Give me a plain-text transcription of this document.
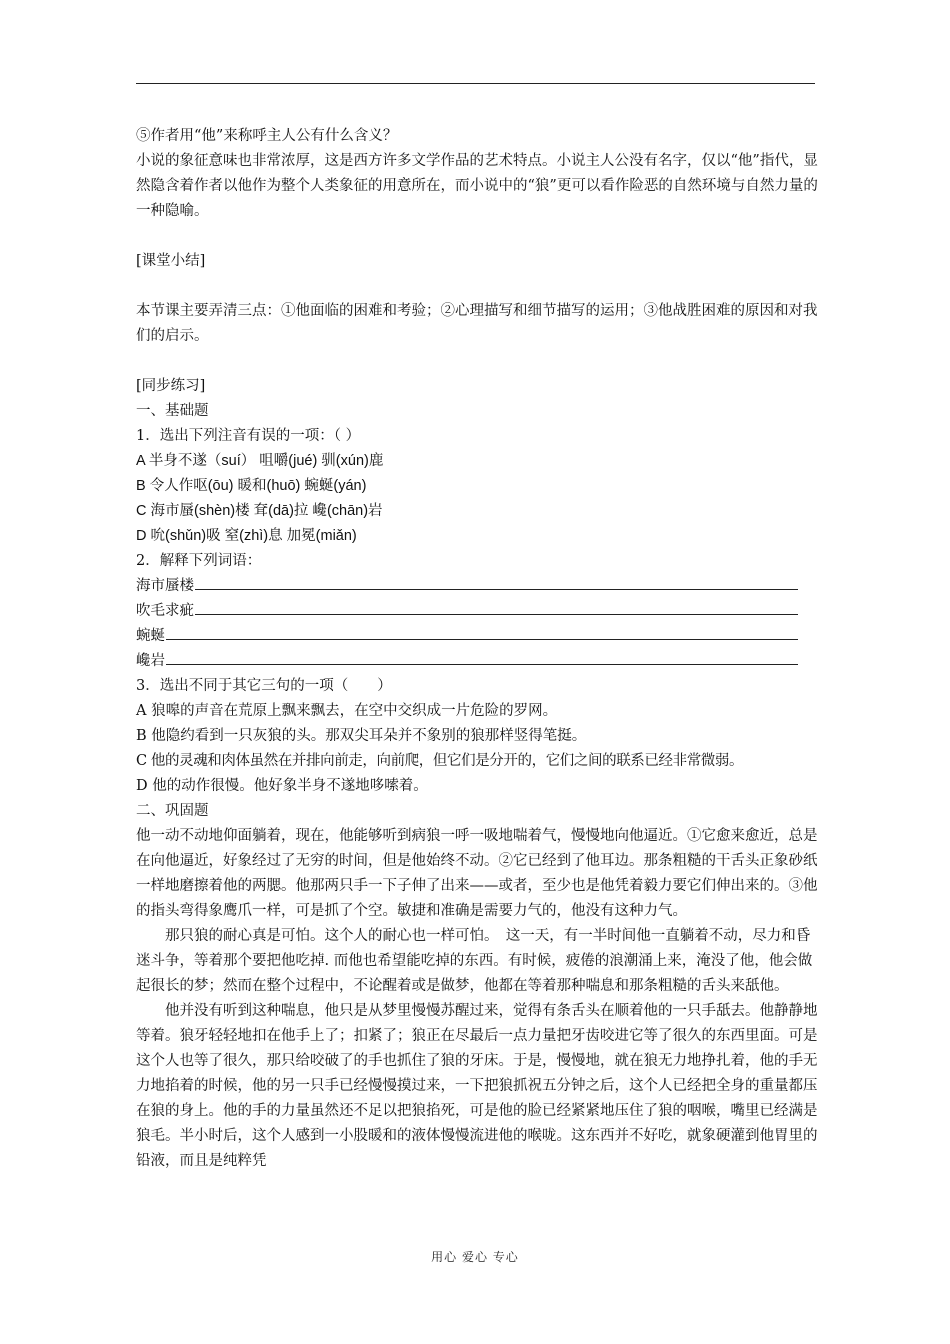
⑤作者用“他”来称呼主人公有什么含义？

小说的象征意味也非常浓厚，这是西方许多文学作品的艺术特点。小说主人公没有名字，仅以“他”指代，显然隐含着作者以他作为整个人类象征的用意所在，而小说中的“狼”更可以看作险恶的自然环境与自然力量的一种隐喻。

[课堂小结]

本节课主要弄清三点：①他面临的困难和考验；②心理描写和细节描写的运用；③他战胜困难的原因和对我们的启示。

[同步练习]

一、基础题

1．选出下列注音有误的一项：（ ）

A 半身不遂（suí） 咀嚼(jué) 驯(xún)鹿

B 令人作呕(ōu) 暖和(huō) 蜿蜒(yán)

C 海市蜃(shèn)楼 耷(dā)拉 巉(chān)岩

D 吮(shǔn)吸 窒(zhì)息 加冕(miǎn)

2．解释下列词语：

海市蜃楼
吹毛求疵
蜿蜒
巉岩

3．选出不同于其它三句的一项（　　）

A 狼嗥的声音在荒原上飘来飘去，在空中交织成一片危险的罗网。

B 他隐约看到一只灰狼的头。那双尖耳朵并不象别的狼那样竖得笔挺。

C 他的灵魂和肉体虽然在并排向前走，向前爬，但它们是分开的，它们之间的联系已经非常微弱。

D 他的动作很慢。他好象半身不遂地哆嗦着。

二、巩固题

他一动不动地仰面躺着，现在，他能够听到病狼一呼一吸地喘着气，慢慢地向他逼近。①它愈来愈近，总是在向他逼近，好象经过了无穷的时间，但是他始终不动。②它已经到了他耳边。那条粗糙的干舌头正象砂纸一样地磨擦着他的两腮。他那两只手一下子伸了出来——或者，至少也是他凭着毅力要它们伸出来的。③他的指头弯得象鹰爪一样，可是抓了个空。敏捷和准确是需要力气的，他没有这种力气。

那只狼的耐心真是可怕。这个人的耐心也一样可怕。　这一天，有一半时间他一直躺着不动，尽力和昏迷斗争，等着那个要把他吃掉. 而他也希望能吃掉的东西。有时候，疲倦的浪潮涌上来，淹没了他，他会做起很长的梦；然而在整个过程中，不论醒着或是做梦，他都在等着那种喘息和那条粗糙的舌头来舐他。

他并没有听到这种喘息，他只是从梦里慢慢苏醒过来，觉得有条舌头在顺着他的一只手舐去。他静静地等着。狼牙轻轻地扣在他手上了；扣紧了；狼正在尽最后一点力量把牙齿咬进它等了很久的东西里面。可是这个人也等了很久，那只给咬破了的手也抓住了狼的牙床。于是，慢慢地，就在狼无力地挣扎着，他的手无力地掐着的时候，他的另一只手已经慢慢摸过来，一下把狼抓祝五分钟之后，这个人已经把全身的重量都压在狼的身上。他的手的力量虽然还不足以把狼掐死，可是他的脸已经紧紧地压住了狼的咽喉，嘴里已经满是狼毛。半小时后，这个人感到一小股暖和的液体慢慢流进他的喉咙。这东西并不好吃，就象硬灌到他胃里的铅液，而且是纯粹凭

用心 爱心 专心
